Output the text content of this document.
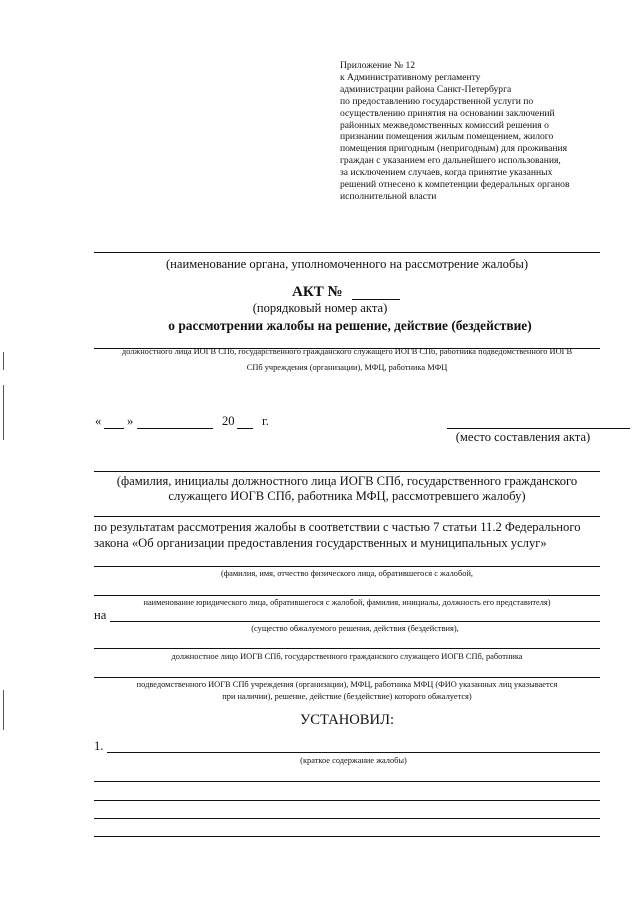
Приложение № 12
к Административному регламенту
администрации района Санкт-Петербурга
по предоставлению государственной услуги по
осуществлению принятия на основании заключений
районных межведомственных комиссий решения о
признании помещения жилым помещением, жилого
помещения пригодным (непригодным) для проживания
граждан с указанием его дальнейшего использования,
за исключением случаев, когда принятие указанных
решений отнесено к компетенции федеральных органов
исполнительной власти
(наименование органа, уполномоченного на рассмотрение жалобы)
АКТ №
(порядковый номер акта)
о рассмотрении жалобы на решение, действие (бездействие)
должностного лица ИОГВ СПб, государственного гражданского служащего ИОГВ СПб, работника подведомственного ИОГВ
СПб учреждения (организации), МФЦ, работника МФЦ
« »	20 г.
(место составления акта)
(фамилия, инициалы должностного лица ИОГВ СПб, государственного гражданского
служащего ИОГВ СПб, работника МФЦ, рассмотревшего жалобу)
по результатам рассмотрения жалобы в соответствии с частью 7 статьи 11.2 Федерального
закона «Об организации предоставления государственных и муниципальных услуг»
(фамилия, имя, отчество физического лица, обратившегося с жалобой,
наименование юридического лица, обратившегося с жалобой, фамилия, инициалы, должность его представителя)
на
(существо обжалуемого решения, действия (бездействия),
должностное лицо ИОГВ СПб, государственного гражданского служащего ИОГВ СПб, работника
подведомственного ИОГВ СПб учреждения (организации), МФЦ, работника МФЦ (ФИО указанных лиц указывается
при наличии), решение, действие (бездействие) которого обжалуется)
УСТАНОВИЛ:
1.
(краткое содержание жалобы)
